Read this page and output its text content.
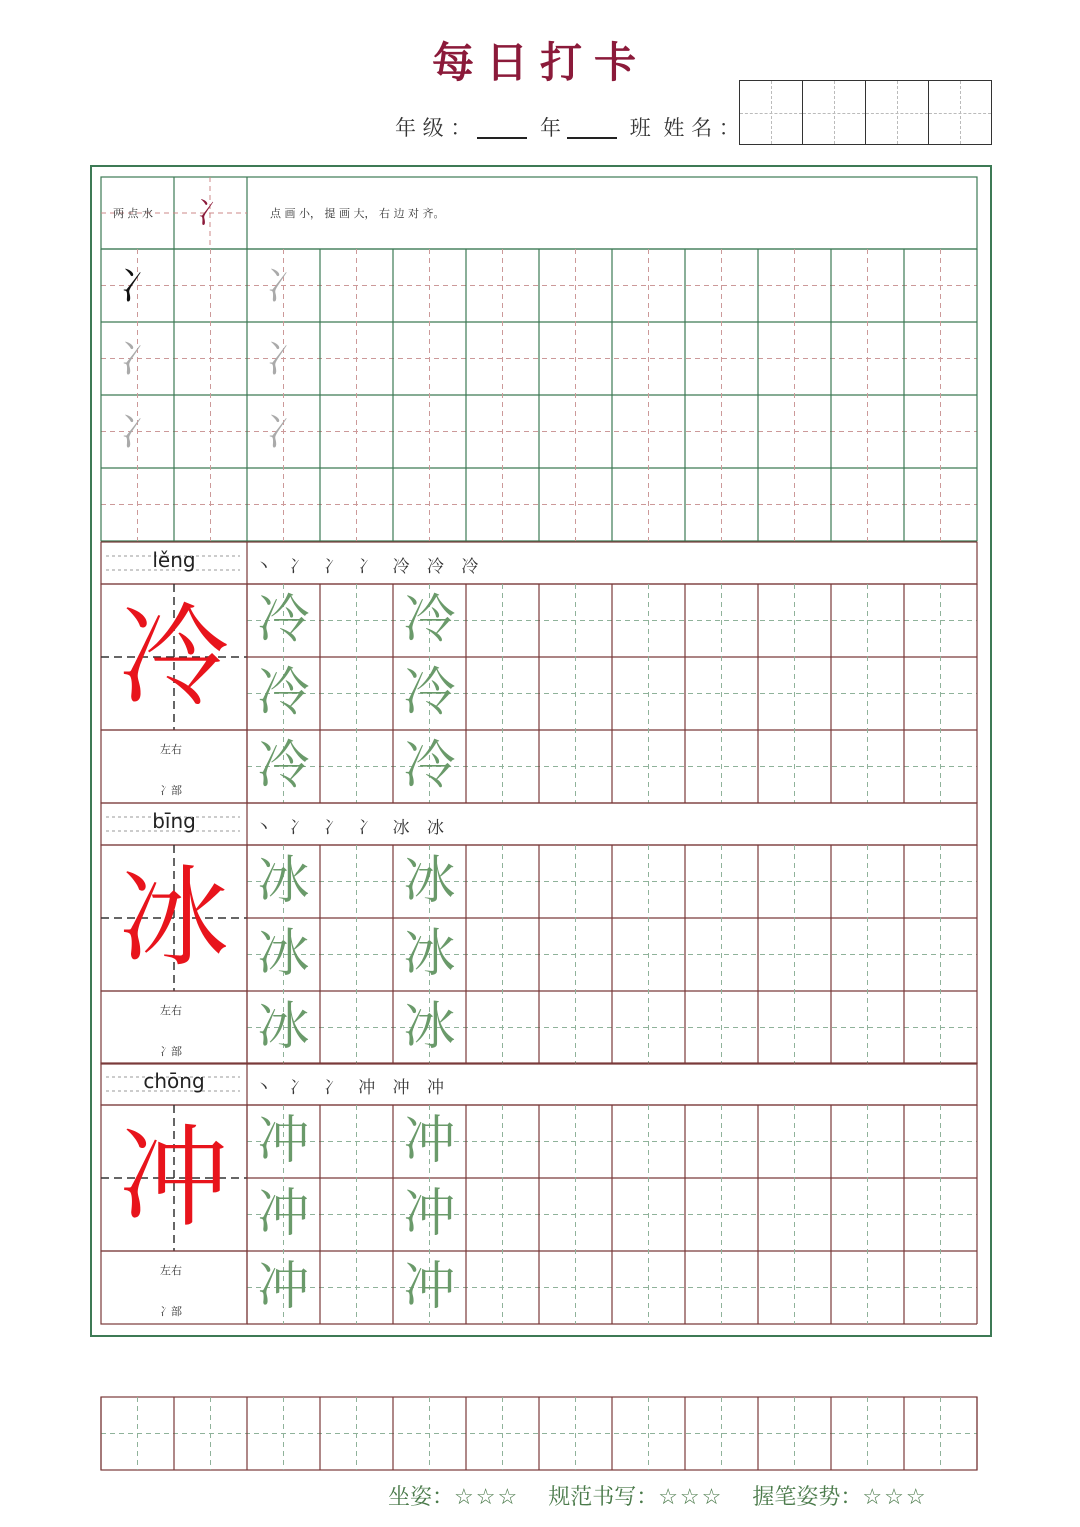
每日打卡
年 级 ：	年	班 姓 名 ：
两 点 水	冫	点 画 小， 提 画 大， 右 边 对 齐。
冫	冫
冫	冫
冫	冫
lěng	丶 冫 冫 冫 冷 冷 冷
冷
左右
冫部
冷 冷
冷 冷
冷 冷
bīng	丶 冫 冫 冫 冰 冰
冰
左右
冫部
冰 冰
冰 冰
冰 冰
chōng	丶 冫 冫 冲 冲 冲
冲
左右
冫部
冲 冲
冲 冲
冲 冲
坐姿：☆☆☆ 规范书写：☆☆☆ 握笔姿势：☆☆☆
